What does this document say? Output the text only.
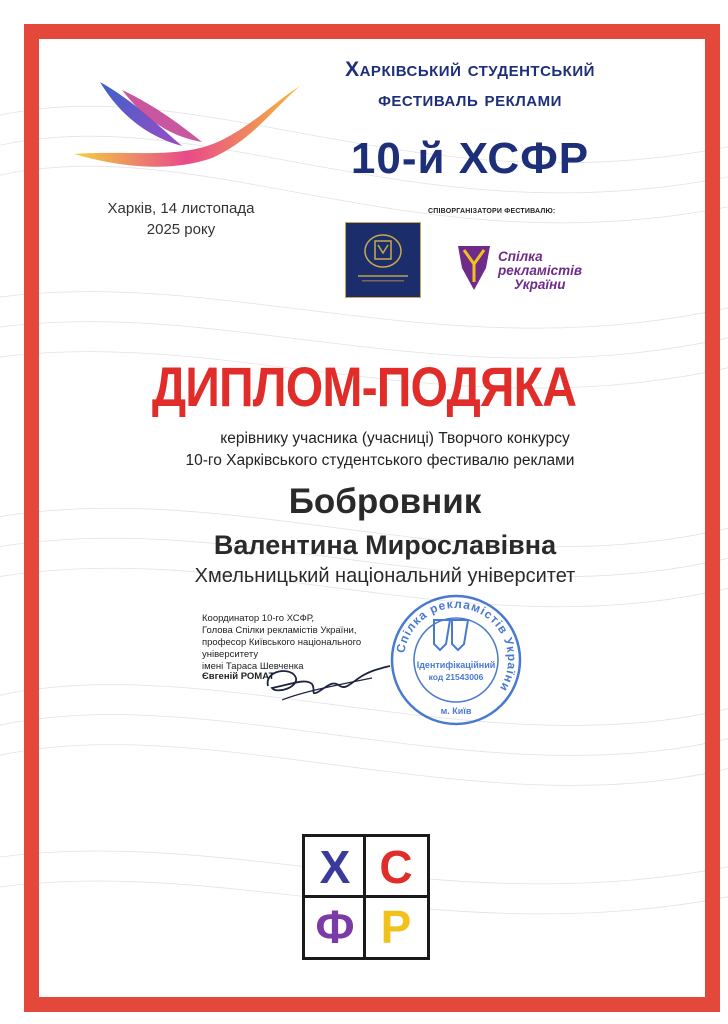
Харків, 14 листопада
2025 року
Харківський студентський
фестиваль реклами
10-й ХСФР
СПІВОРГАНІЗАТОРИ ФЕСТИВАЛЮ:
Спілка
рекламістів
України
ДИПЛОМ-ПОДЯКА
керівнику учасника (учасниці) Творчого конкурсу
10-го Харківського студентського фестивалю реклами
Бобровник
Валентина Мирославівна
Хмельницький національний університет
Координатор 10-го ХСФР,
Голова Спілки рекламістів України,
професор Київського національного університету
імені Тараса Шевченка
Євгеній РОМАТ
Спілка рекламістів України
Ідентифікаційний
код 21543006
м. Київ
Х С
Ф Р
